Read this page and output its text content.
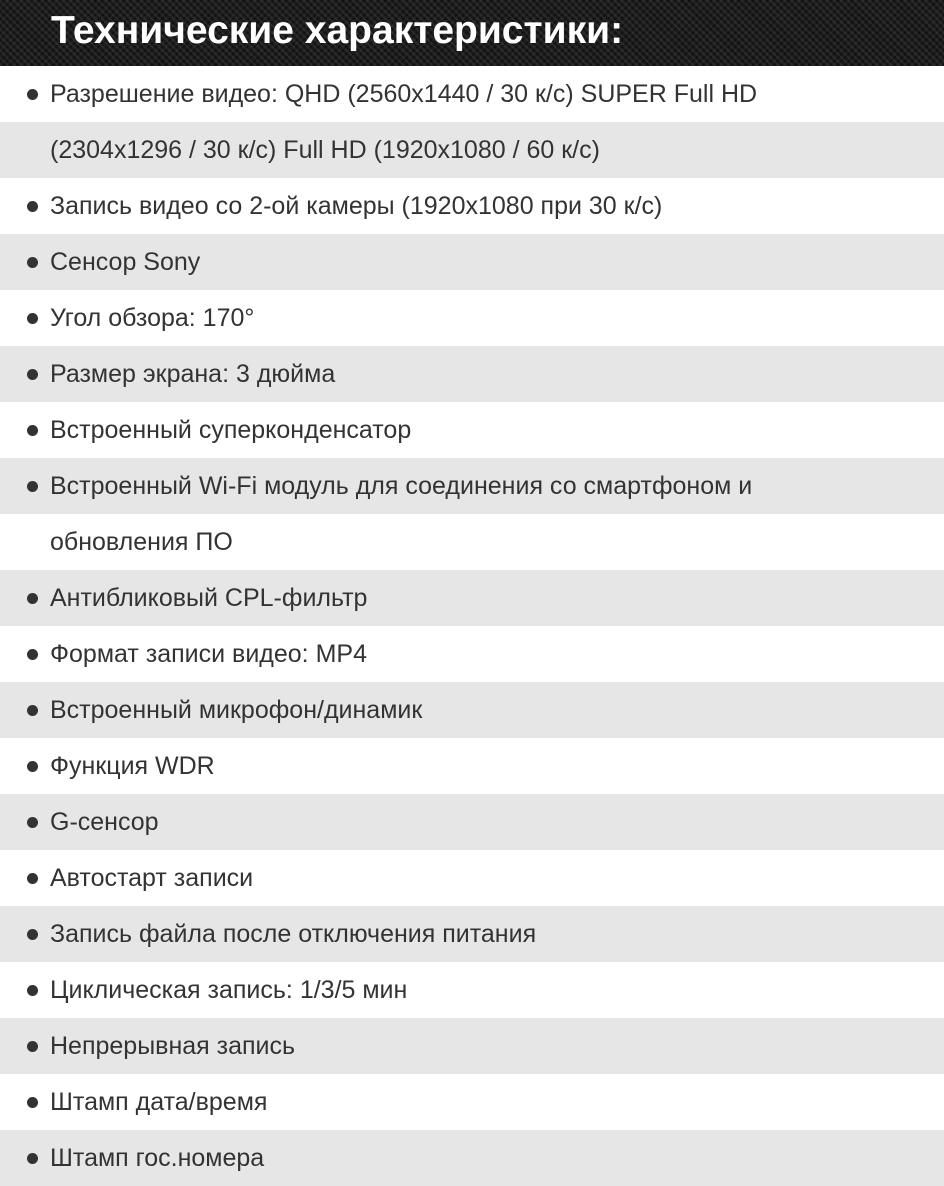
Технические характеристики:
Разрешение видео: QHD (2560x1440 / 30 к/с) SUPER Full HD
(2304x1296 / 30 к/с) Full HD (1920x1080 / 60 к/с)
Запись видео со 2-ой камеры (1920x1080 при 30 к/с)
Сенсор Sony
Угол обзора: 170°
Размер экрана: 3 дюйма
Встроенный суперконденсатор
Встроенный Wi-Fi модуль для соединения со смартфоном и
обновления ПО
Антибликовый CPL-фильтр
Формат записи видео: MP4
Встроенный микрофон/динамик
Функция WDR
G-сенсор
Автостарт записи
Запись файла после отключения питания
Циклическая запись: 1/3/5 мин
Непрерывная запись
Штамп дата/время
Штамп гос.номера
